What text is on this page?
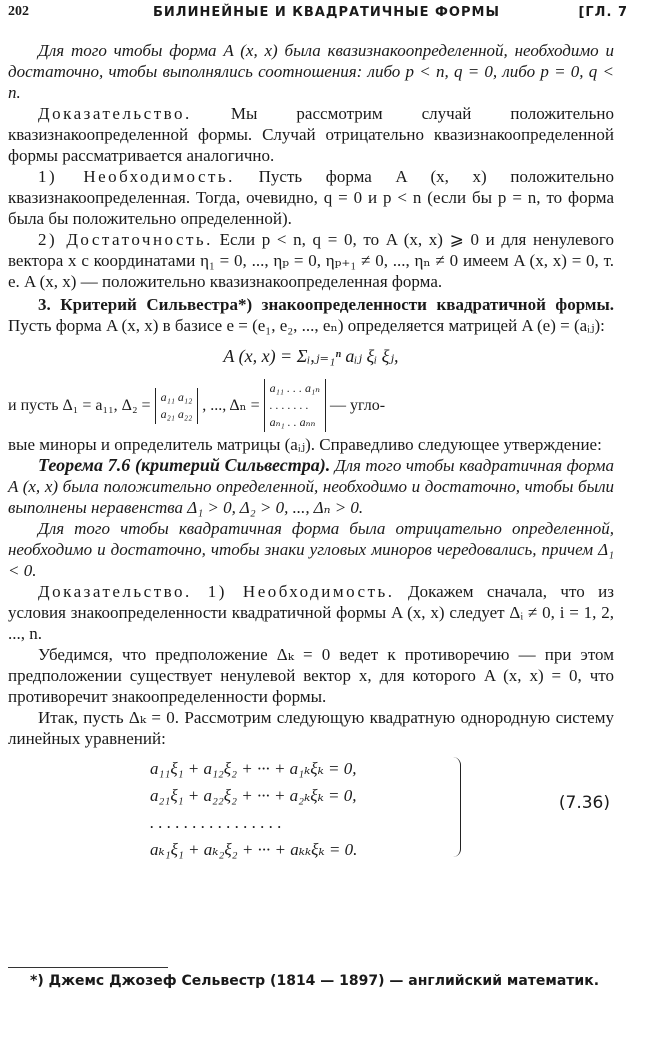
202	БИЛИНЕЙНЫЕ И КВАДРАТИЧНЫЕ ФОРМЫ	[ГЛ. 7

Для того чтобы форма A (x, x) была квазизнакоопределенной, необходимо и достаточно, чтобы выполнялись соотношения: либо p < n, q = 0, либо p = 0, q < n.

Доказательство. Мы рассмотрим случай положительно квазизнакоопределенной формы. Случай отрицательно квазизнакоопределенной формы рассматривается аналогично.

1) Необходимость. Пусть форма A (x, x) положительно квазизнакоопределенная. Тогда, очевидно, q = 0 и p < n (если бы p = n, то форма была бы положительно определенной).

2) Достаточность. Если p < n, q = 0, то A (x, x) ⩾ 0 и для ненулевого вектора x с координатами η₁ = 0, ..., ηₚ = 0, ηₚ₊₁ ≠ 0, ..., ηₙ ≠ 0 имеем A (x, x) = 0, т. е. A (x, x) — положительно квазизнакоопределенная форма.

3. Критерий Сильвестра*) знакоопределенности квадратичной формы. Пусть форма A (x, x) в базисе e = (e₁, e₂, ..., eₙ) определяется матрицей A (e) = (aᵢⱼ):

A (x, x) = Σᵢ,ⱼ₌₁ⁿ aᵢⱼ ξᵢ ξⱼ,
и пусть Δ₁ = a₁₁, Δ₂ =
a₁₁ a₁₂
a₂₁ a₂₂ , ..., Δₙ =
a₁₁ . . . a₁ₙ
. . . . . . .
aₙ₁ . . aₙₙ
— угло-

вые миноры и определитель матрицы (aᵢⱼ). Справедливо следующее утверждение:

Теорема 7.6 (критерий Сильвестра). Для того чтобы квадратичная форма A (x, x) была положительно определенной, необходимо и достаточно, чтобы были выполнены неравенства Δ₁ > 0, Δ₂ > 0, ..., Δₙ > 0.

Для того чтобы квадратичная форма была отрицательно определенной, необходимо и достаточно, чтобы знаки угловых миноров чередовались, причем Δ₁ < 0.

Доказательство. 1) Необходимость. Докажем сначала, что из условия знакоопределенности квадратичной формы A (x, x) следует Δᵢ ≠ 0, i = 1, 2, ..., n.

Убедимся, что предположение Δₖ = 0 ведет к противоречию — при этом предположении существует ненулевой вектор x, для которого A (x, x) = 0, что противоречит знакоопределенности формы.

Итак, пусть Δₖ = 0. Рассмотрим следующую квадратную однородную систему линейных уравнений:

a₁₁ξ₁ + a₁₂ξ₂ + ··· + a₁ₖξₖ = 0,
a₂₁ξ₁ + a₂₂ξ₂ + ··· + a₂ₖξₖ = 0,
. . . . . . . . . . . . . . . .
aₖ₁ξ₁ + aₖ₂ξ₂ + ··· + aₖₖξₖ = 0.
(7.36)
*) Джемс Джозеф Сельвестр (1814 — 1897) — английский математик.
